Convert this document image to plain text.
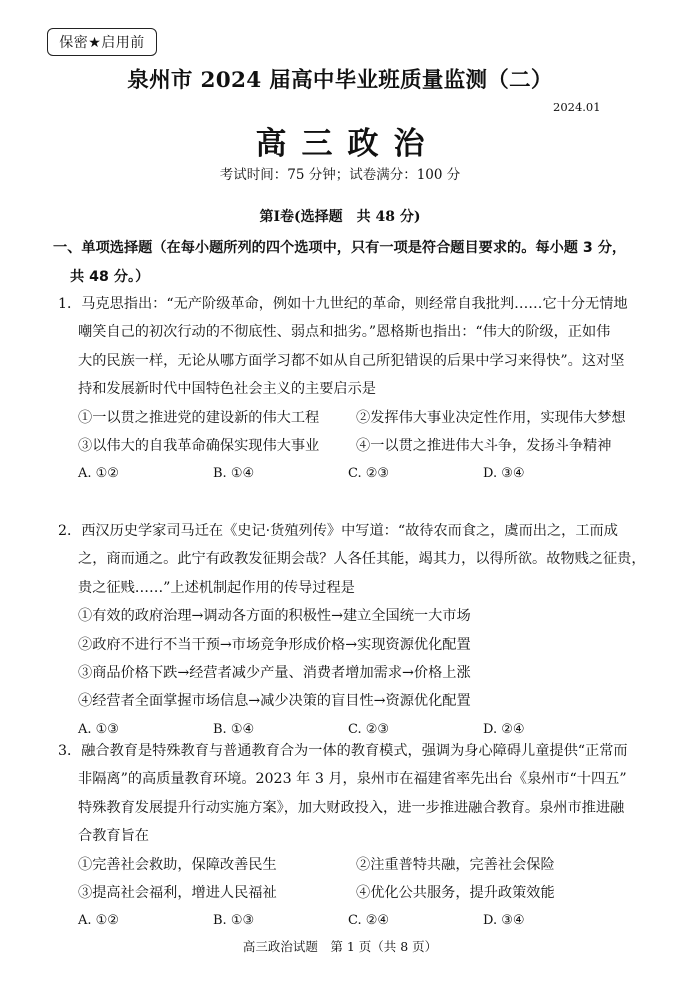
保密★启用前
泉州市 2024 届高中毕业班质量监测（二）
2024.01
高三政治
考试时间：75 分钟；试卷满分：100 分
第Ⅰ卷(选择题　共 48 分)
一、单项选择题（在每小题所列的四个选项中，只有一项是符合题目要求的。每小题 3 分，
共 48 分。）
1．马克思指出：“无产阶级革命，例如十九世纪的革命，则经常自我批判……它十分无情地
嘲笑自己的初次行动的不彻底性、弱点和拙劣。”恩格斯也指出：“伟大的阶级，正如伟
大的民族一样，无论从哪方面学习都不如从自己所犯错误的后果中学习来得快”。这对坚
持和发展新时代中国特色社会主义的主要启示是
①一以贯之推进党的建设新的伟大工程	②发挥伟大事业决定性作用，实现伟大梦想
③以伟大的自我革命确保实现伟大事业	④一以贯之推进伟大斗争，发扬斗争精神
A. ①②	B. ①④	C. ②③	D. ③④
2．西汉历史学家司马迁在《史记·货殖列传》中写道：“故待农而食之，虞而出之，工而成
之，商而通之。此宁有政教发征期会哉？人各任其能，竭其力，以得所欲。故物贱之征贵，
贵之征贱……”上述机制起作用的传导过程是
①有效的政府治理→调动各方面的积极性→建立全国统一大市场
②政府不进行不当干预→市场竞争形成价格→实现资源优化配置
③商品价格下跌→经营者减少产量、消费者增加需求→价格上涨
④经营者全面掌握市场信息→减少决策的盲目性→资源优化配置
A. ①③	B. ①④	C. ②③	D. ②④
3．融合教育是特殊教育与普通教育合为一体的教育模式，强调为身心障碍儿童提供“正常而
非隔离”的高质量教育环境。2023 年 3 月，泉州市在福建省率先出台《泉州市“十四五”
特殊教育发展提升行动实施方案》，加大财政投入，进一步推进融合教育。泉州市推进融
合教育旨在
①完善社会救助，保障改善民生	②注重普特共融，完善社会保险
③提高社会福利，增进人民福祉	④优化公共服务，提升政策效能
A. ①②	B. ①③	C. ②④	D. ③④
高三政治试题　第 1 页（共 8 页）
